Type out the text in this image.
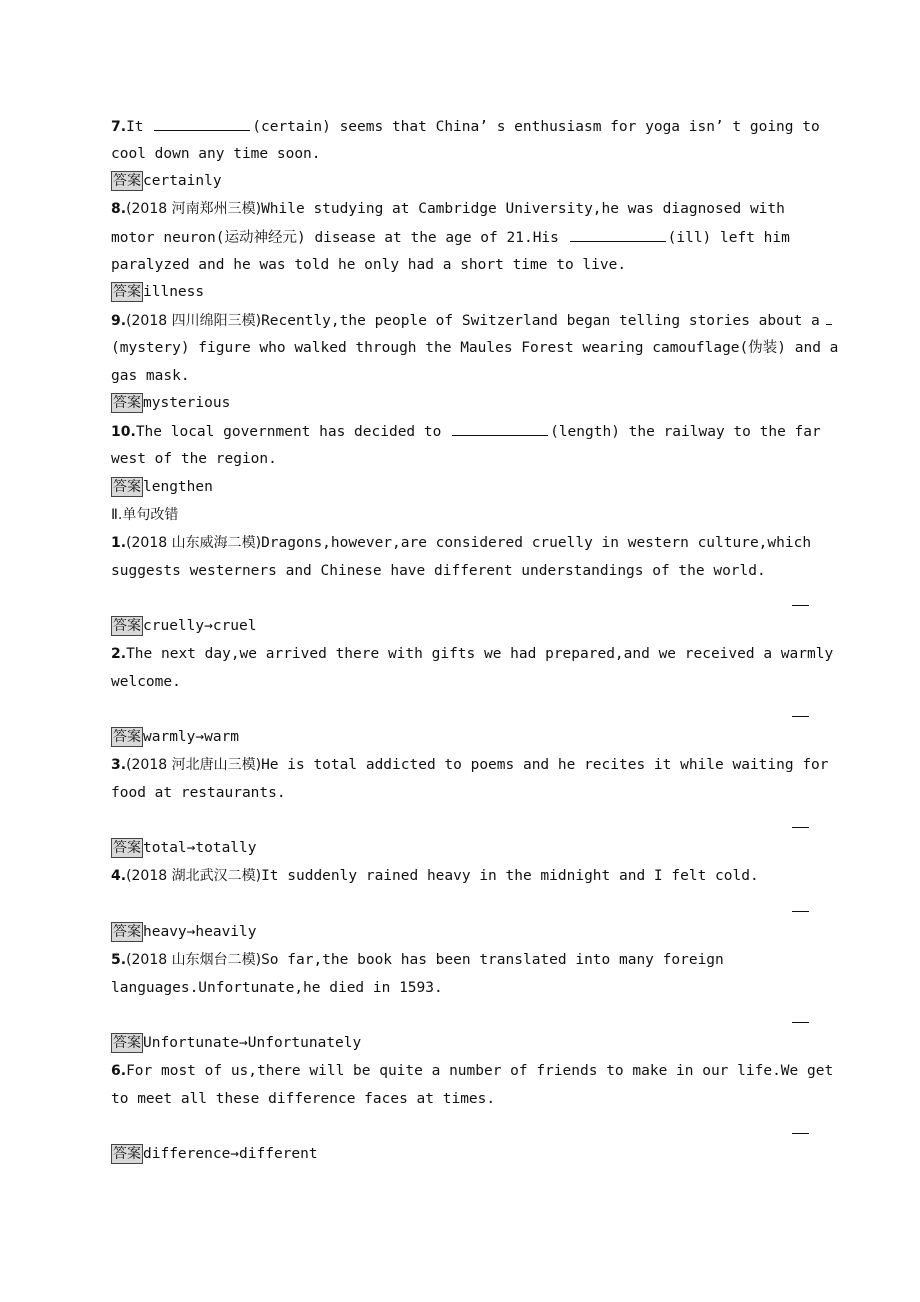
7.It	(certain) seems that China’ s enthusiasm for yoga isn’ t going to
cool down any time soon.
答案 certainly
8.(2018 河南郑州三模)While studying at Cambridge University,he was diagnosed with
motor neuron(运动神经元) disease at the age of 21.His	(ill) left him
paralyzed and he was told he only had a short time to live.
答案 illness
9.(2018 四川绵阳三模)Recently,the people of Switzerland began telling stories about a
(mystery) figure who walked through the Maules Forest wearing camouflage(伪装) and a
gas mask.
答案 mysterious
10.The local government has decided to	(length) the railway to the far
west of the region.
答案 lengthen
Ⅱ.单句改错
1.(2018 山东威海二模)Dragons,however,are considered cruelly in western culture,which
suggests westerners and Chinese have different understandings of the world.
答案 cruelly→cruel
2.The next day,we arrived there with gifts we had prepared,and we received a warmly
welcome.
答案 warmly→warm
3.(2018 河北唐山三模)He is total addicted to poems and he recites it while waiting for
food at restaurants.
答案 total→totally
4.(2018 湖北武汉二模)It suddenly rained heavy in the midnight and I felt cold.
答案 heavy→heavily
5.(2018 山东烟台二模)So far,the book has been translated into many foreign
languages.Unfortunate,he died in 1593.
答案 Unfortunate→Unfortunately
6.For most of us,there will be quite a number of friends to make in our life.We get
to meet all these difference faces at times.
答案 difference→different
